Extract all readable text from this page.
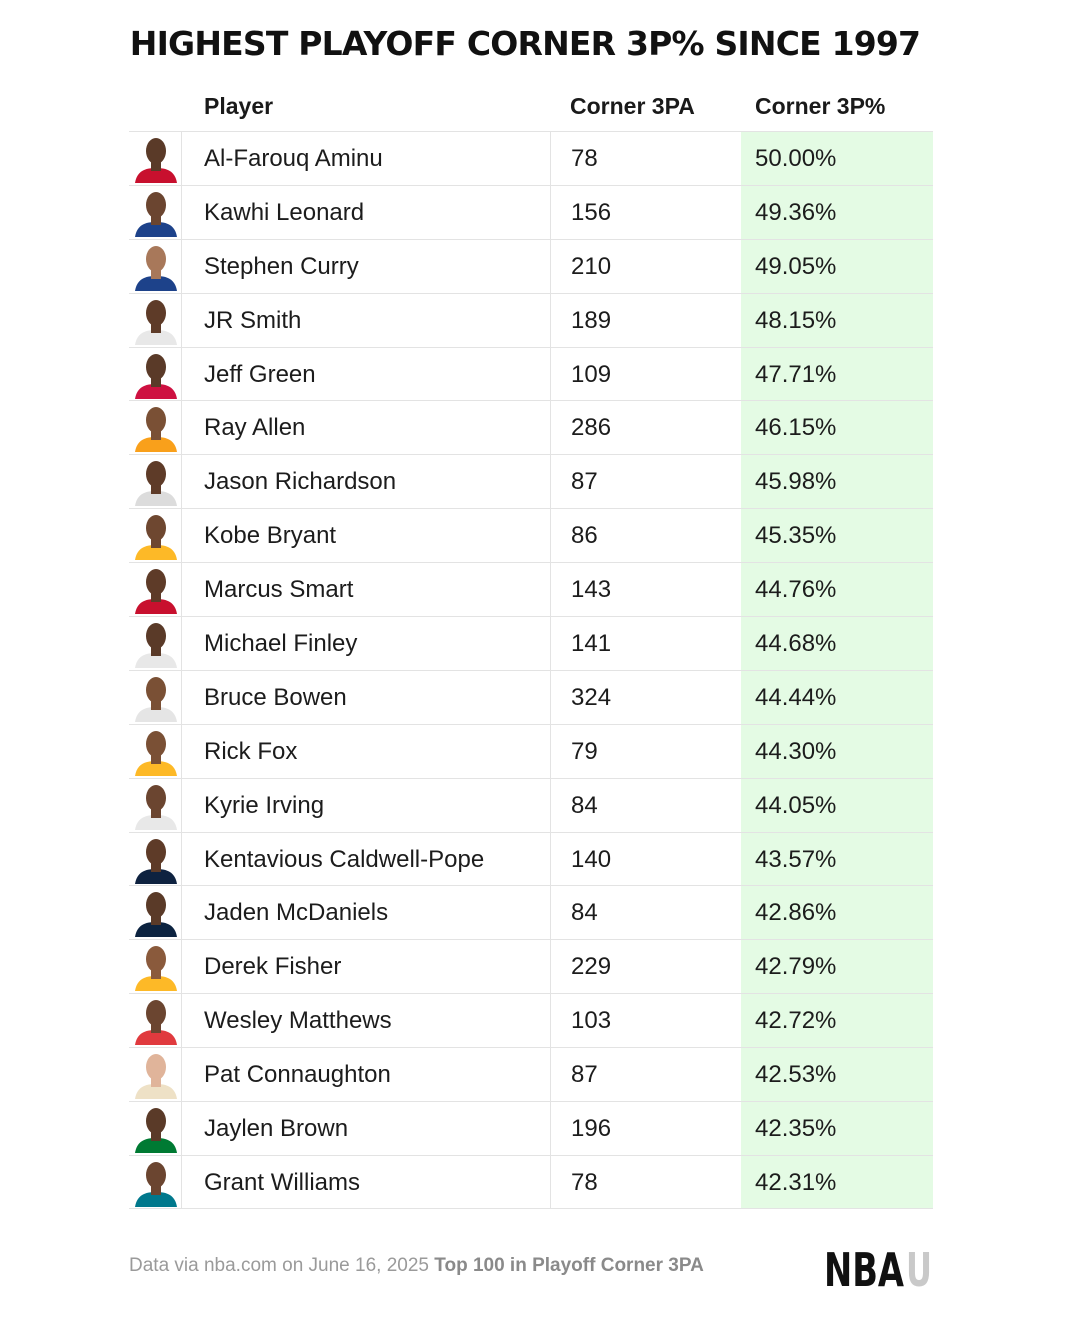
HIGHEST PLAYOFF CORNER 3P% SINCE 1997
Player	Corner 3PA	Corner 3P%
Al-Farouq Aminu	78	50.00%
Kawhi Leonard	156	49.36%
Stephen Curry	210	49.05%
JR Smith	189	48.15%
Jeff Green	109	47.71%
Ray Allen	286	46.15%
Jason Richardson	87	45.98%
Kobe Bryant	86	45.35%
Marcus Smart	143	44.76%
Michael Finley	141	44.68%
Bruce Bowen	324	44.44%
Rick Fox	79	44.30%
Kyrie Irving	84	44.05%
Kentavious Caldwell-Pope	140	43.57%
Jaden McDaniels	84	42.86%
Derek Fisher	229	42.79%
Wesley Matthews	103	42.72%
Pat Connaughton	87	42.53%
Jaylen Brown	196	42.35%
Grant Williams	78	42.31%
Data via nba.com on June 16, 2025 Top 100 in Playoff Corner 3PA	NBA U
